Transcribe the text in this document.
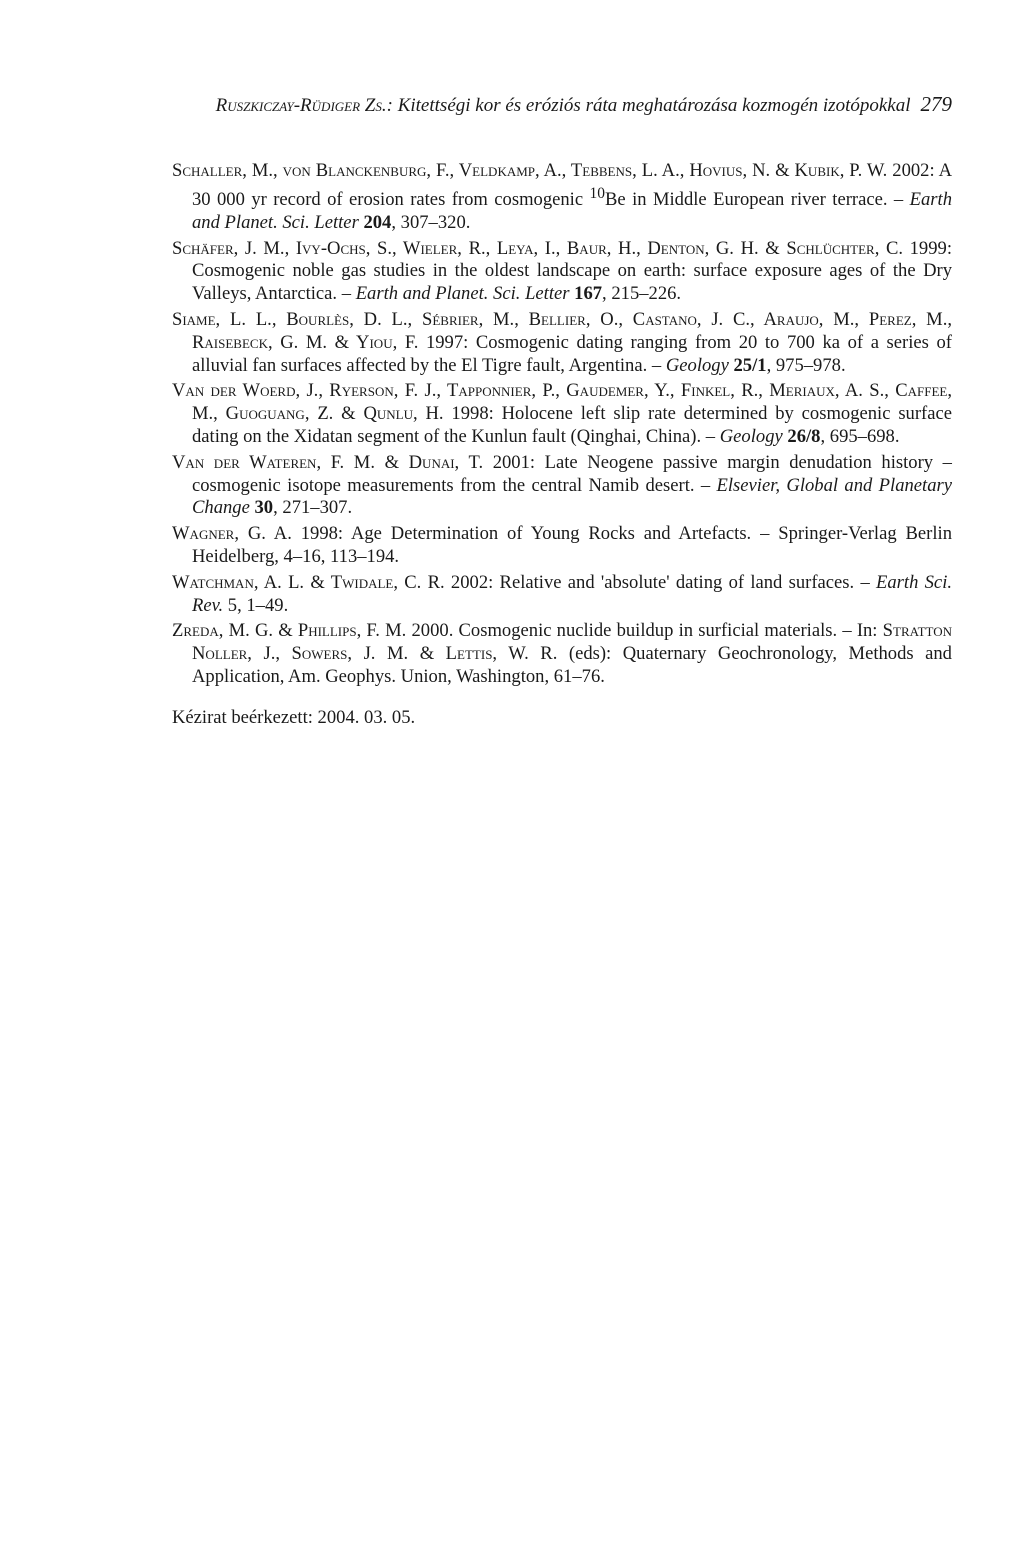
Ruszkiczay-Rüdiger Zs.: Kitettségi kor és eróziós ráta meghatározása kozmogén izotópokkal 279

Schaller, M., von Blanckenburg, F., Veldkamp, A., Tebbens, L. A., Hovius, N. & Kubik, P. W. 2002: A 30 000 yr record of erosion rates from cosmogenic $^{10}$Be in Middle European river terrace. – Earth and Planet. Sci. Letter 204, 307–320.

Schäfer, J. M., Ivy-Ochs, S., Wieler, R., Leya, I., Baur, H., Denton, G. H. & Schlüchter, C. 1999: Cosmogenic noble gas studies in the oldest landscape on earth: surface exposure ages of the Dry Valleys, Antarctica. – Earth and Planet. Sci. Letter 167, 215–226.

Siame, L. L., Bourlès, D. L., Sébrier, M., Bellier, O., Castano, J. C., Araujo, M., Perez, M., Raisebeck, G. M. & Yiou, F. 1997: Cosmogenic dating ranging from 20 to 700 ka of a series of alluvial fan surfaces affected by the El Tigre fault, Argentina. – Geology 25/1, 975–978.

Van der Woerd, J., Ryerson, F. J., Tapponnier, P., Gaudemer, Y., Finkel, R., Meriaux, A. S., Caffee, M., Guoguang, Z. & Qunlu, H. 1998: Holocene left slip rate determined by cosmogenic surface dating on the Xidatan segment of the Kunlun fault (Qinghai, China). – Geology 26/8, 695–698.

Van der Wateren, F. M. & Dunai, T. 2001: Late Neogene passive margin denudation history – cosmogenic isotope measurements from the central Namib desert. – Elsevier, Global and Planetary Change 30, 271–307.

Wagner, G. A. 1998: Age Determination of Young Rocks and Artefacts. – Springer-Verlag Berlin Heidelberg, 4–16, 113–194.

Watchman, A. L. & Twidale, C. R. 2002: Relative and 'absolute' dating of land surfaces. – Earth Sci. Rev. 5, 1–49.

Zreda, M. G. & Phillips, F. M. 2000. Cosmogenic nuclide buildup in surficial materials. – In: Stratton Noller, J., Sowers, J. M. & Lettis, W. R. (eds): Quaternary Geochronology, Methods and Application, Am. Geophys. Union, Washington, 61–76.

Kézirat beérkezett: 2004. 03. 05.
